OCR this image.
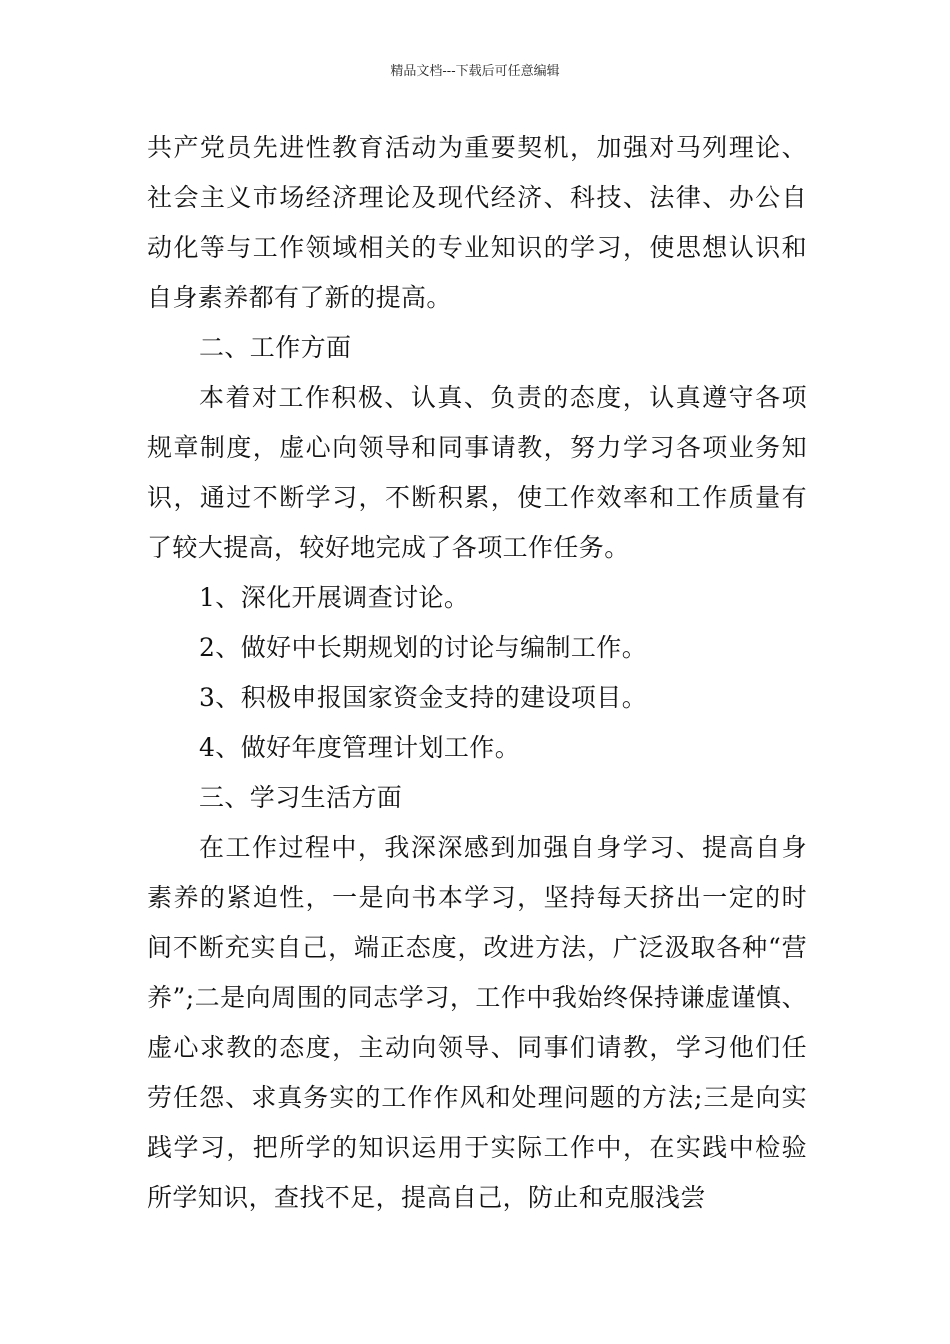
精品文档---下载后可任意编辑

共产党员先进性教育活动为重要契机，加强对马列理论、社会主义市场经济理论及现代经济、科技、法律、办公自动化等与工作领域相关的专业知识的学习，使思想认识和自身素养都有了新的提高。

二、工作方面

本着对工作积极、认真、负责的态度，认真遵守各项规章制度，虚心向领导和同事请教，努力学习各项业务知识，通过不断学习，不断积累，使工作效率和工作质量有了较大提高，较好地完成了各项工作任务。

1、深化开展调查讨论。

2、做好中长期规划的讨论与编制工作。

3、积极申报国家资金支持的建设项目。

4、做好年度管理计划工作。

三、学习生活方面

在工作过程中，我深深感到加强自身学习、提高自身素养的紧迫性，一是向书本学习，坚持每天挤出一定的时间不断充实自己，端正态度，改进方法，广泛汲取各种“营养”;二是向周围的同志学习，工作中我始终保持谦虚谨慎、虚心求教的态度，主动向领导、同事们请教，学习他们任劳任怨、求真务实的工作作风和处理问题的方法;三是向实践学习，把所学的知识运用于实际工作中，在实践中检验所学知识，查找不足，提高自己，防止和克服浅尝
